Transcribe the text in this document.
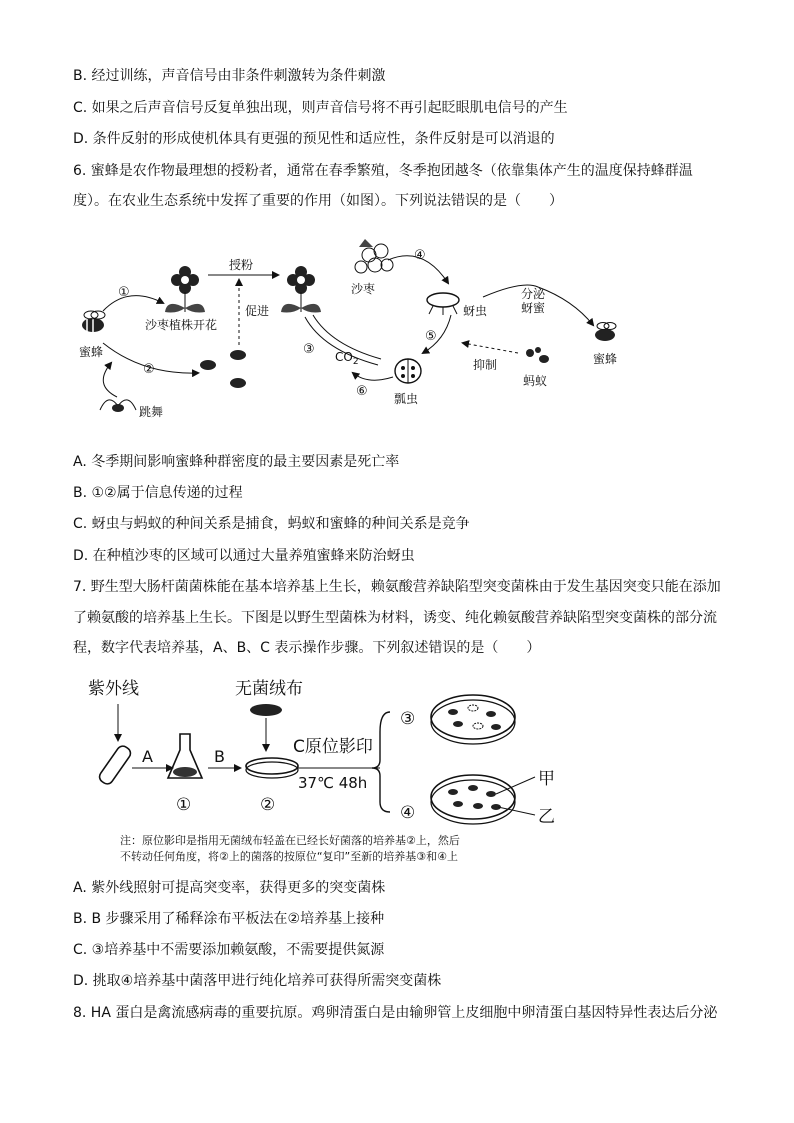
B. 经过训练，声音信号由非条件刺激转为条件刺激
C. 如果之后声音信号反复单独出现，则声音信号将不再引起眨眼肌电信号的产生
D. 条件反射的形成使机体具有更强的预见性和适应性，条件反射是可以消退的
6. 蜜蜂是农作物最理想的授粉者，通常在春季繁殖，冬季抱团越冬（依靠集体产生的温度保持蜂群温
度）。在农业生态系统中发挥了重要的作用（如图）。下列说法错误的是（　　）
蜜蜂
①
沙枣植株开花
②
跳舞
促进
授粉
③ $CO_2$
沙枣
④
蚜虫
分泌
蚜蜜
蜜蜂
蚂蚁
抑制
⑤
瓢虫
⑥
A. 冬季期间影响蜜蜂种群密度的最主要因素是死亡率
B. ①②属于信息传递的过程
C. 蚜虫与蚂蚁的种间关系是捕食，蚂蚁和蜜蜂的种间关系是竞争
D. 在种植沙枣的区域可以通过大量养殖蜜蜂来防治蚜虫
7. 野生型大肠杆菌菌株能在基本培养基上生长，赖氨酸营养缺陷型突变菌株由于发生基因突变只能在添加
了赖氨酸的培养基上生长。下图是以野生型菌株为材料，诱变、纯化赖氨酸营养缺陷型突变菌株的部分流
程，数字代表培养基，A、B、C 表示操作步骤。下列叙述错误的是（　　）
紫外线
A
①
B
无菌绒布
②
C原位影印
37℃ 48h
③
④
甲
乙
注：原位影印是指用无菌绒布轻盖在已经长好菌落的培养基②上，然后
不转动任何角度，将②上的菌落的按原位“复印”至新的培养基③和④上
A. 紫外线照射可提高突变率，获得更多的突变菌株
B. B 步骤采用了稀释涂布平板法在②培养基上接种
C. ③培养基中不需要添加赖氨酸，不需要提供氮源
D. 挑取④培养基中菌落甲进行纯化培养可获得所需突变菌株
8. HA 蛋白是禽流感病毒的重要抗原。鸡卵清蛋白是由输卵管上皮细胞中卵清蛋白基因特异性表达后分泌
